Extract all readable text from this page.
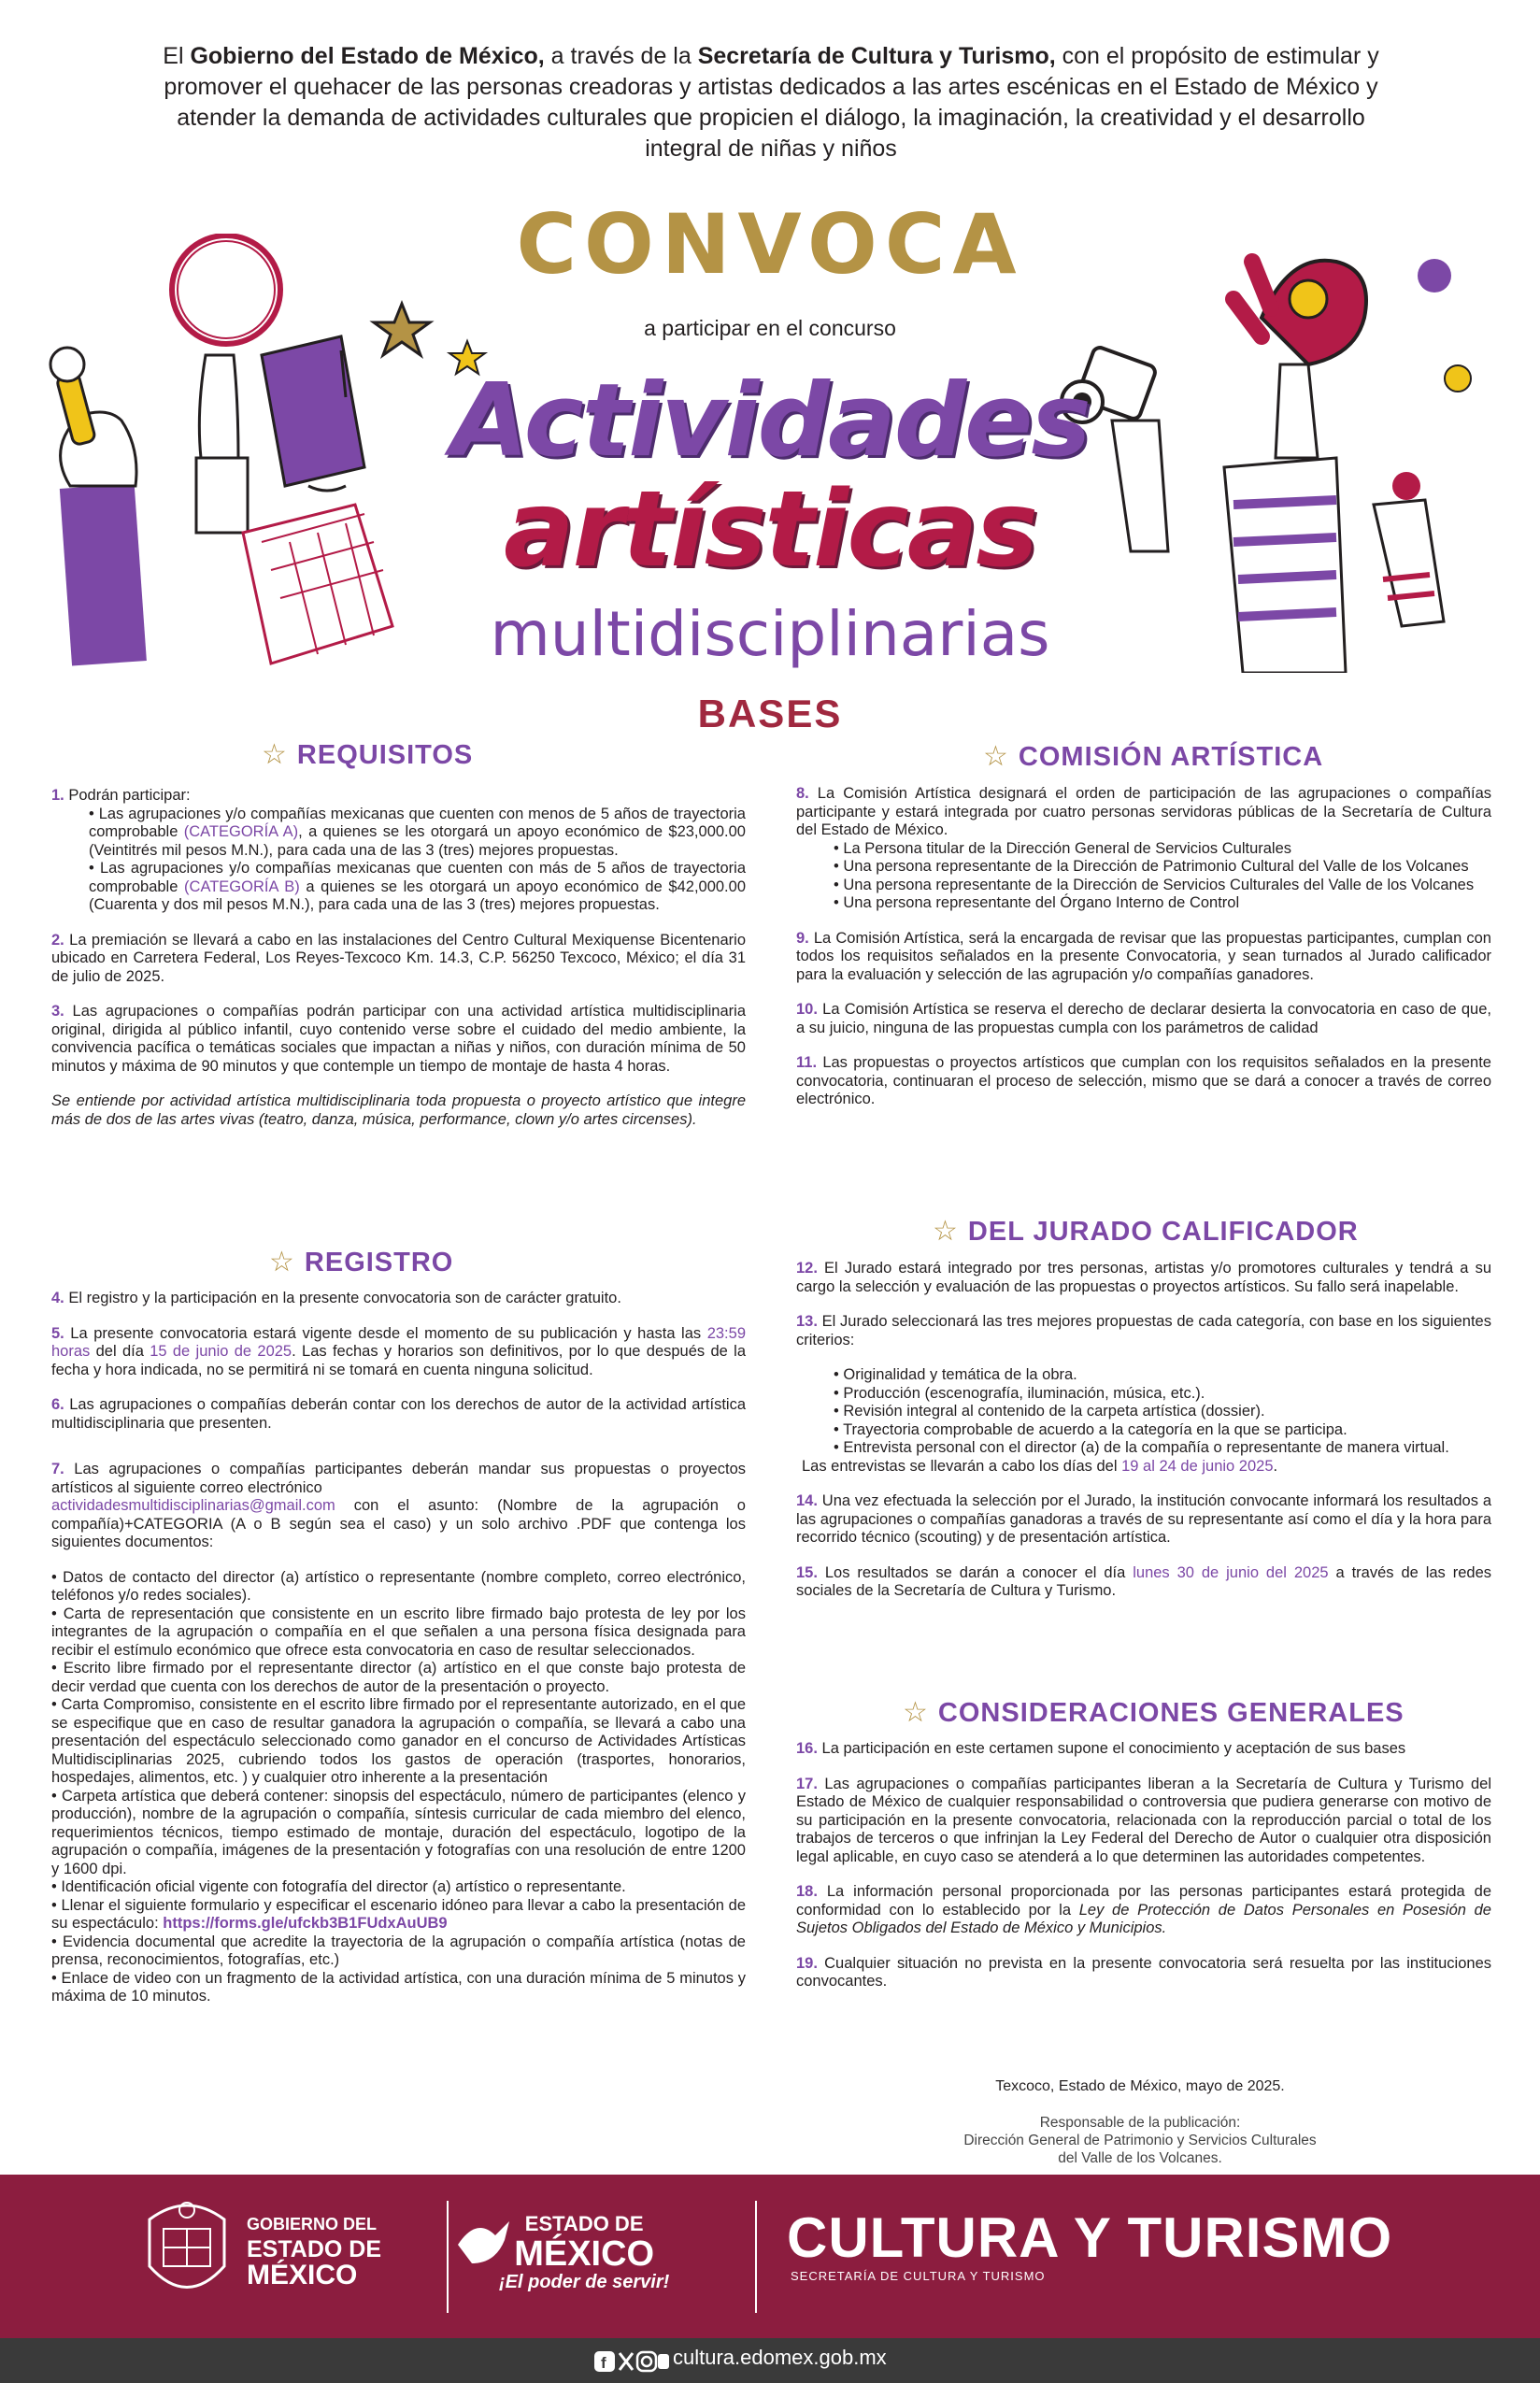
El Gobierno del Estado de México, a través de la Secretaría de Cultura y Turismo, con el propósito de estimular y promover el quehacer de las personas creadoras y artistas dedicados a las artes escénicas en el Estado de México y atender la demanda de actividades culturales que propicien el diálogo, la imaginación, la creatividad y el desarrollo integral de niñas y niños
CONVOCA
a participar en el concurso
Actividades
artísticas
multidisciplinarias
BASES
☆ REQUISITOS
☆ REGISTRO
☆ COMISIÓN ARTÍSTICA
☆ DEL JURADO CALIFICADOR
☆ CONSIDERACIONES GENERALES

1. Podrán participar:

• Las agrupaciones y/o compañías mexicanas que cuenten con menos de 5 años de trayectoria comprobable (CATEGORÍA A), a quienes se les otorgará un apoyo económico de $23,000.00 (Veintitrés mil pesos M.N.), para cada una de las 3 (tres) mejores propuestas.
• Las agrupaciones y/o compañías mexicanas que cuenten con más de 5 años de trayectoria comprobable (CATEGORÍA B) a quienes se les otorgará un apoyo económico de $42,000.00 (Cuarenta y dos mil pesos M.N.), para cada una de las 3 (tres) mejores propuestas.

2. La premiación se llevará a cabo en las instalaciones del Centro Cultural Mexiquense Bicentenario ubicado en Carretera Federal, Los Reyes-Texcoco Km. 14.3, C.P. 56250 Texcoco, México; el día 31 de julio de 2025.

3. Las agrupaciones o compañías podrán participar con una actividad artística multidisciplinaria original, dirigida al público infantil, cuyo contenido verse sobre el cuidado del medio ambiente, la convivencia pacífica o temáticas sociales que impactan a niñas y niños, con duración mínima de 50 minutos y máxima de 90 minutos y que contemple un tiempo de montaje de hasta 4 horas.

Se entiende por actividad artística multidisciplinaria toda propuesta o proyecto artístico que integre más de dos de las artes vivas (teatro, danza, música, performance, clown y/o artes circenses).

4. El registro y la participación en la presente convocatoria son de carácter gratuito.

5. La presente convocatoria estará vigente desde el momento de su publicación y hasta las 23:59 horas del día 15 de junio de 2025. Las fechas y horarios son definitivos, por lo que después de la fecha y hora indicada, no se permitirá ni se tomará en cuenta ninguna solicitud.

6. Las agrupaciones o compañías deberán contar con los derechos de autor de la actividad artística multidisciplinaria que presenten.

7. Las agrupaciones o compañías participantes deberán mandar sus propuestas o proyectos artísticos al siguiente correo electrónico
actividadesmultidisciplinarias@gmail.com con el asunto: (Nombre de la agrupación o compañía)+CATEGORIA (A o B según sea el caso) y un solo archivo .PDF que contenga los siguientes documentos:

• Datos de contacto del director (a) artístico o representante (nombre completo, correo electrónico, teléfonos y/o redes sociales).
• Carta de representación que consistente en un escrito libre firmado bajo protesta de ley por los integrantes de la agrupación o compañía en el que señalen a una persona física designada para recibir el estímulo económico que ofrece esta convocatoria en caso de resultar seleccionados.
• Escrito libre firmado por el representante director (a) artístico en el que conste bajo protesta de decir verdad que cuenta con los derechos de autor de la presentación o proyecto.
• Carta Compromiso, consistente en el escrito libre firmado por el representante autorizado, en el que se especifique que en caso de resultar ganadora la agrupación o compañía, se llevará a cabo una presentación del espectáculo seleccionado como ganador en el concurso de Actividades Artísticas Multidisciplinarias 2025, cubriendo todos los gastos de operación (trasportes, honorarios, hospedajes, alimentos, etc. ) y cualquier otro inherente a la presentación
• Carpeta artística que deberá contener: sinopsis del espectáculo, número de participantes (elenco y producción), nombre de la agrupación o compañía, síntesis curricular de cada miembro del elenco, requerimientos técnicos, tiempo estimado de montaje, duración del espectáculo, logotipo de la agrupación o compañía, imágenes de la presentación y fotografías con una resolución de entre 1200 y 1600 dpi.
• Identificación oficial vigente con fotografía del director (a) artístico o representante.
• Llenar el siguiente formulario y especificar el escenario idóneo para llevar a cabo la presentación de su espectáculo: https://forms.gle/ufckb3B1FUdxAuUB9
• Evidencia documental que acredite la trayectoria de la agrupación o compañía artística (notas de prensa, reconocimientos, fotografías, etc.)
• Enlace de video con un fragmento de la actividad artística, con una duración mínima de 5 minutos y máxima de 10 minutos.

8. La Comisión Artística designará el orden de participación de las agrupaciones o compañías participante y estará integrada por cuatro personas servidoras públicas de la Secretaría de Cultura del Estado de México.

• La Persona titular de la Dirección General de Servicios Culturales
• Una persona representante de la Dirección de Patrimonio Cultural del Valle de los Volcanes
• Una persona representante de la Dirección de Servicios Culturales del Valle de los Volcanes
• Una persona representante del Órgano Interno de Control

9. La Comisión Artística, será la encargada de revisar que las propuestas participantes, cumplan con todos los requisitos señalados en la presente Convocatoria, y sean turnados al Jurado calificador para la evaluación y selección de las agrupación y/o compañías ganadores.

10. La Comisión Artística se reserva el derecho de declarar desierta la convocatoria en caso de que, a su juicio, ninguna de las propuestas cumpla con los parámetros de calidad

11. Las propuestas o proyectos artísticos que cumplan con los requisitos señalados en la presente convocatoria, continuaran el proceso de selección, mismo que se dará a conocer a través de correo electrónico.

12. El Jurado estará integrado por tres personas, artistas y/o promotores culturales y tendrá a su cargo la selección y evaluación de las propuestas o proyectos artísticos. Su fallo será inapelable.

13. El Jurado seleccionará las tres mejores propuestas de cada categoría, con base en los siguientes criterios:

• Originalidad y temática de la obra.
• Producción (escenografía, iluminación, música, etc.).
• Revisión integral al contenido de la carpeta artística (dossier).
• Trayectoria comprobable de acuerdo a la categoría en la que se participa.
• Entrevista personal con el director (a) de la compañía o representante de manera virtual.

Las entrevistas se llevarán a cabo los días del 19 al 24 de junio 2025.

14. Una vez efectuada la selección por el Jurado, la institución convocante informará los resultados a las agrupaciones o compañías ganadoras a través de su representante así como el día y la hora para recorrido técnico (scouting) y de presentación artística.

15. Los resultados se darán a conocer el día lunes 30 de junio del 2025 a través de las redes sociales de la Secretaría de Cultura y Turismo.

16. La participación en este certamen supone el conocimiento y aceptación de sus bases

17. Las agrupaciones o compañías participantes liberan a la Secretaría de Cultura y Turismo del Estado de México de cualquier responsabilidad o controversia que pudiera generarse con motivo de su participación en la presente convocatoria, relacionada con la reproducción parcial o total de los trabajos de terceros o que infrinjan la Ley Federal del Derecho de Autor o cualquier otra disposición legal aplicable, en cuyo caso se atenderá a lo que determinen las autoridades competentes.

18. La información personal proporcionada por las personas participantes estará protegida de conformidad con lo establecido por la Ley de Protección de Datos Personales en Posesión de Sujetos Obligados del Estado de México y Municipios.

19. Cualquier situación no prevista en la presente convocatoria será resuelta por las instituciones convocantes.

Texcoco, Estado de México, mayo de 2025.
Responsable de la publicación:
Dirección General de Patrimonio y Servicios Culturales
del Valle de los Volcanes.
GOBIERNO DEL
ESTADO DE
MÉXICO
ESTADO DE
MÉXICO
¡El poder de servir!
CULTURA Y TURISMO
SECRETARÍA DE CULTURA Y TURISMO
f	cultura.edomex.gob.mx
